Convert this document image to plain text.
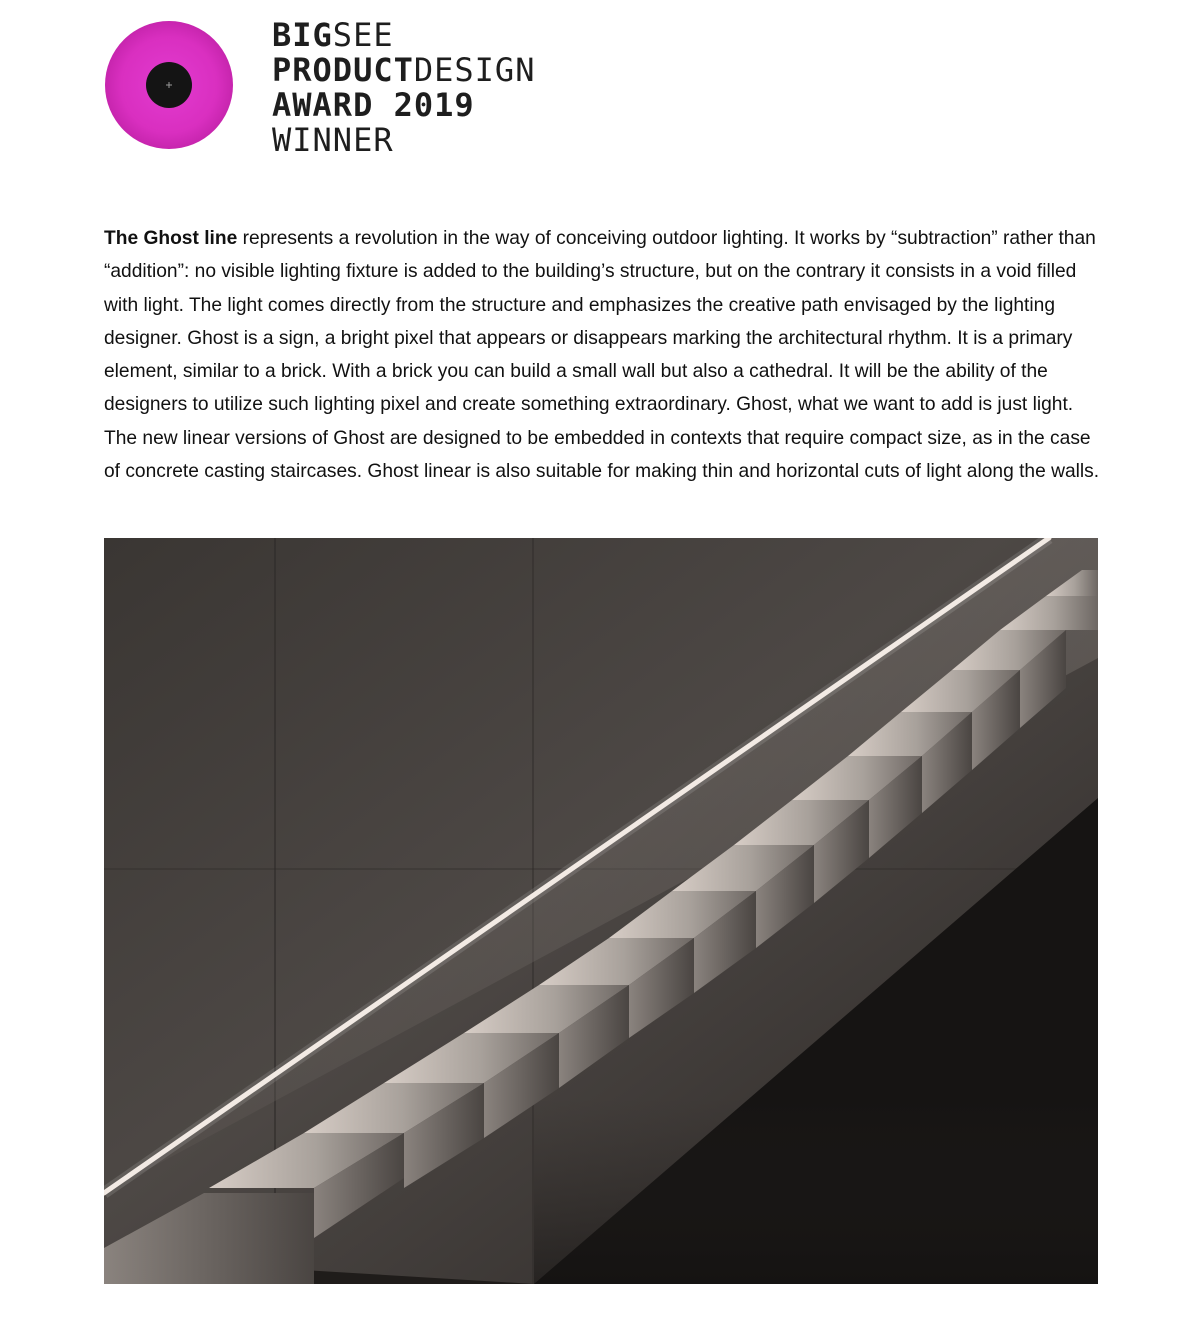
BIGSEE
PRODUCTDESIGN
AWARD 2019
WINNER

The Ghost line represents a revolution in the way of conceiving outdoor lighting. It works by “subtraction” rather than “addition”: no visible lighting fixture is added to the building’s structure, but on the contrary it consists in a void filled with light. The light comes directly from the structure and emphasizes the creative path envisaged by the lighting designer. Ghost is a sign, a bright pixel that appears or disappears marking the architectural rhythm. It is a primary element, similar to a brick. With a brick you can build a small wall but also a cathedral. It will be the ability of the designers to utilize such lighting pixel and create something extraordinary. Ghost, what we want to add is just light. The new linear versions of Ghost are designed to be embedded in contexts that require compact size, as in the case of concrete casting staircases. Ghost linear is also suitable for making thin and horizontal cuts of light along the walls.
